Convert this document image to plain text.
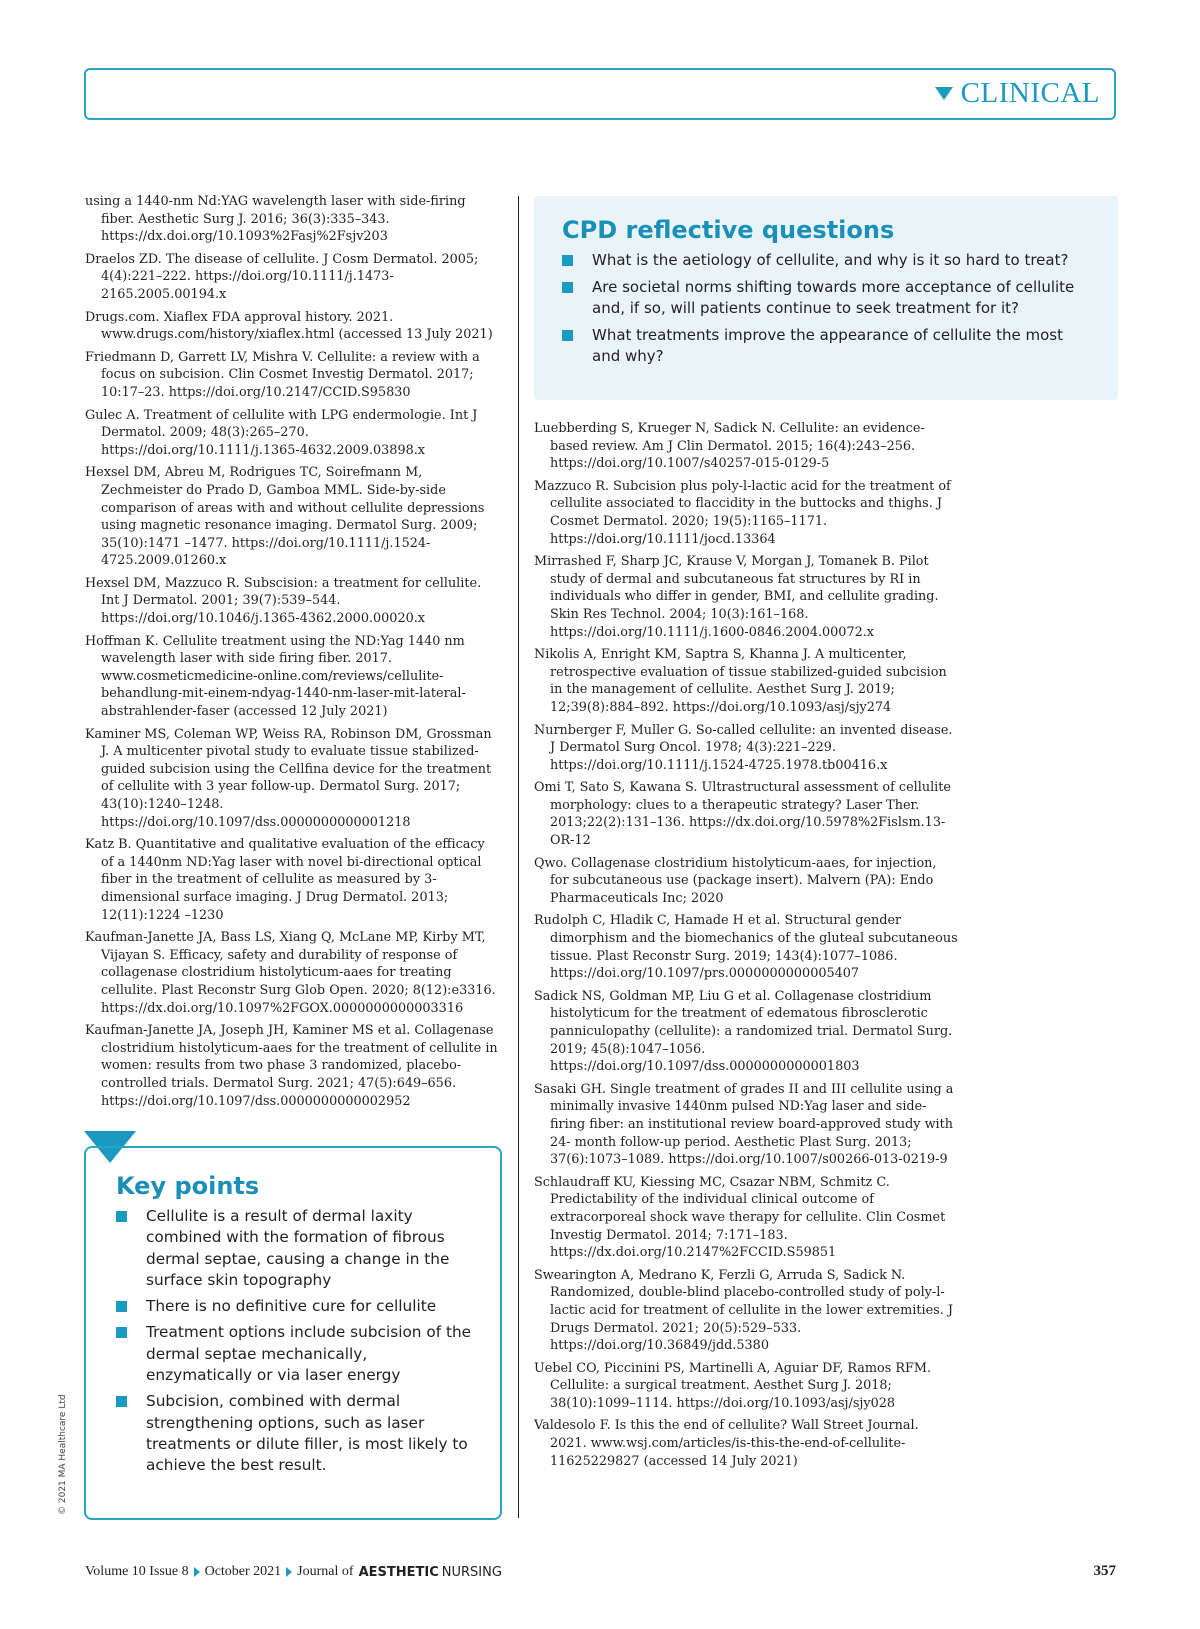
CLINICAL
using a 1440-nm Nd:YAG wavelength laser with side-firing fiber. Aesthetic Surg J. 2016; 36(3):335–343. https://dx.doi.org/10.1093%2Fasj%2Fsjv203
Draelos ZD. The disease of cellulite. J Cosm Dermatol. 2005; 4(4):221–222. https://doi.org/10.1111/j.1473-2165.2005.00194.x
Drugs.com. Xiaflex FDA approval history. 2021. www.drugs.com/history/xiaflex.html (accessed 13 July 2021)
Friedmann D, Garrett LV, Mishra V. Cellulite: a review with a focus on subcision. Clin Cosmet Investig Dermatol. 2017; 10:17–23. https://doi.org/10.2147/CCID.S95830
Gulec A. Treatment of cellulite with LPG endermologie. Int J Dermatol. 2009; 48(3):265–270. https://doi.org/10.1111/j.1365-4632.2009.03898.x
Hexsel DM, Abreu M, Rodrigues TC, Soirefmann M, Zechmeister do Prado D, Gamboa MML. Side-by-side comparison of areas with and without cellulite depressions using magnetic resonance imaging. Dermatol Surg. 2009; 35(10):1471 –1477. https://doi.org/10.1111/j.1524-4725.2009.01260.x
Hexsel DM, Mazzuco R. Subscision: a treatment for cellulite. Int J Dermatol. 2001; 39(7):539–544. https://doi.org/10.1046/j.1365-4362.2000.00020.x
Hoffman K. Cellulite treatment using the ND:Yag 1440 nm wavelength laser with side firing fiber. 2017. www.cosmeticmedicine-online.com/reviews/cellulite-behandlung-mit-einem-ndyag-1440-nm-laser-mit-lateral-abstrahlender-faser (accessed 12 July 2021)
Kaminer MS, Coleman WP, Weiss RA, Robinson DM, Grossman J. A multicenter pivotal study to evaluate tissue stabilized-guided subcision using the Cellfina device for the treatment of cellulite with 3 year follow-up. Dermatol Surg. 2017; 43(10):1240–1248. https://doi.org/10.1097/dss.0000000000001218
Katz B. Quantitative and qualitative evaluation of the efficacy of a 1440nm ND:Yag laser with novel bi-directional optical fiber in the treatment of cellulite as measured by 3-dimensional surface imaging. J Drug Dermatol. 2013; 12(11):1224 –1230
Kaufman-Janette JA, Bass LS, Xiang Q, McLane MP, Kirby MT, Vijayan S. Efficacy, safety and durability of response of collagenase clostridium histolyticum-aaes for treating cellulite. Plast Reconstr Surg Glob Open. 2020; 8(12):e3316. https://dx.doi.org/10.1097%2FGOX.0000000000003316
Kaufman-Janette JA, Joseph JH, Kaminer MS et al. Collagenase clostridium histolyticum-aaes for the treatment of cellulite in women: results from two phase 3 randomized, placebo-controlled trials. Dermatol Surg. 2021; 47(5):649–656. https://doi.org/10.1097/dss.0000000000002952
CPD reflective questions
What is the aetiology of cellulite, and why is it so hard to treat?
Are societal norms shifting towards more acceptance of cellulite and, if so, will patients continue to seek treatment for it?
What treatments improve the appearance of cellulite the most and why?
Luebberding S, Krueger N, Sadick N. Cellulite: an evidence-based review. Am J Clin Dermatol. 2015; 16(4):243–256. https://doi.org/10.1007/s40257-015-0129-5
Mazzuco R. Subcision plus poly-l-lactic acid for the treatment of cellulite associated to flaccidity in the buttocks and thighs. J Cosmet Dermatol. 2020; 19(5):1165–1171. https://doi.org/10.1111/jocd.13364
Mirrashed F, Sharp JC, Krause V, Morgan J, Tomanek B. Pilot study of dermal and subcutaneous fat structures by RI in individuals who differ in gender, BMI, and cellulite grading. Skin Res Technol. 2004; 10(3):161–168. https://doi.org/10.1111/j.1600-0846.2004.00072.x
Nikolis A, Enright KM, Saptra S, Khanna J. A multicenter, retrospective evaluation of tissue stabilized-guided subcision in the management of cellulite. Aesthet Surg J. 2019; 12;39(8):884–892. https://doi.org/10.1093/asj/sjy274
Nurnberger F, Muller G. So-called cellulite: an invented disease. J Dermatol Surg Oncol. 1978; 4(3):221–229. https://doi.org/10.1111/j.1524-4725.1978.tb00416.x
Omi T, Sato S, Kawana S. Ultrastructural assessment of cellulite morphology: clues to a therapeutic strategy? Laser Ther. 2013;22(2):131–136. https://dx.doi.org/10.5978%2Fislsm.13-OR-12
Qwo. Collagenase clostridium histolyticum-aaes, for injection, for subcutaneous use (package insert). Malvern (PA): Endo Pharmaceuticals Inc; 2020
Rudolph C, Hladik C, Hamade H et al. Structural gender dimorphism and the biomechanics of the gluteal subcutaneous tissue. Plast Reconstr Surg. 2019; 143(4):1077–1086. https://doi.org/10.1097/prs.0000000000005407
Sadick NS, Goldman MP, Liu G et al. Collagenase clostridium histolyticum for the treatment of edematous fibrosclerotic panniculopathy (cellulite): a randomized trial. Dermatol Surg. 2019; 45(8):1047–1056. https://doi.org/10.1097/dss.0000000000001803
Sasaki GH. Single treatment of grades II and III cellulite using a minimally invasive 1440nm pulsed ND:Yag laser and side-firing fiber: an institutional review board-approved study with 24- month follow-up period. Aesthetic Plast Surg. 2013; 37(6):1073–1089. https://doi.org/10.1007/s00266-013-0219-9
Schlaudraff KU, Kiessing MC, Csazar NBM, Schmitz C. Predictability of the individual clinical outcome of extracorporeal shock wave therapy for cellulite. Clin Cosmet Investig Dermatol. 2014; 7:171–183. https://dx.doi.org/10.2147%2FCCID.S59851
Swearington A, Medrano K, Ferzli G, Arruda S, Sadick N. Randomized, double-blind placebo-controlled study of poly-l-lactic acid for treatment of cellulite in the lower extremities. J Drugs Dermatol. 2021; 20(5):529–533. https://doi.org/10.36849/jdd.5380
Uebel CO, Piccinini PS, Martinelli A, Aguiar DF, Ramos RFM. Cellulite: a surgical treatment. Aesthet Surg J. 2018; 38(10):1099–1114. https://doi.org/10.1093/asj/sjy028
Valdesolo F. Is this the end of cellulite? Wall Street Journal. 2021. www.wsj.com/articles/is-this-the-end-of-cellulite-11625229827 (accessed 14 July 2021)
Key points
Cellulite is a result of dermal laxity combined with the formation of fibrous dermal septae, causing a change in the surface skin topography
There is no definitive cure for cellulite
Treatment options include subcision of the dermal septae mechanically, enzymatically or via laser energy
Subcision, combined with dermal strengthening options, such as laser treatments or dilute filler, is most likely to achieve the best result.
© 2021 MA Healthcare Ltd
Volume 10 Issue 8 October 2021 Journal of AESTHETIC NURSING	357
